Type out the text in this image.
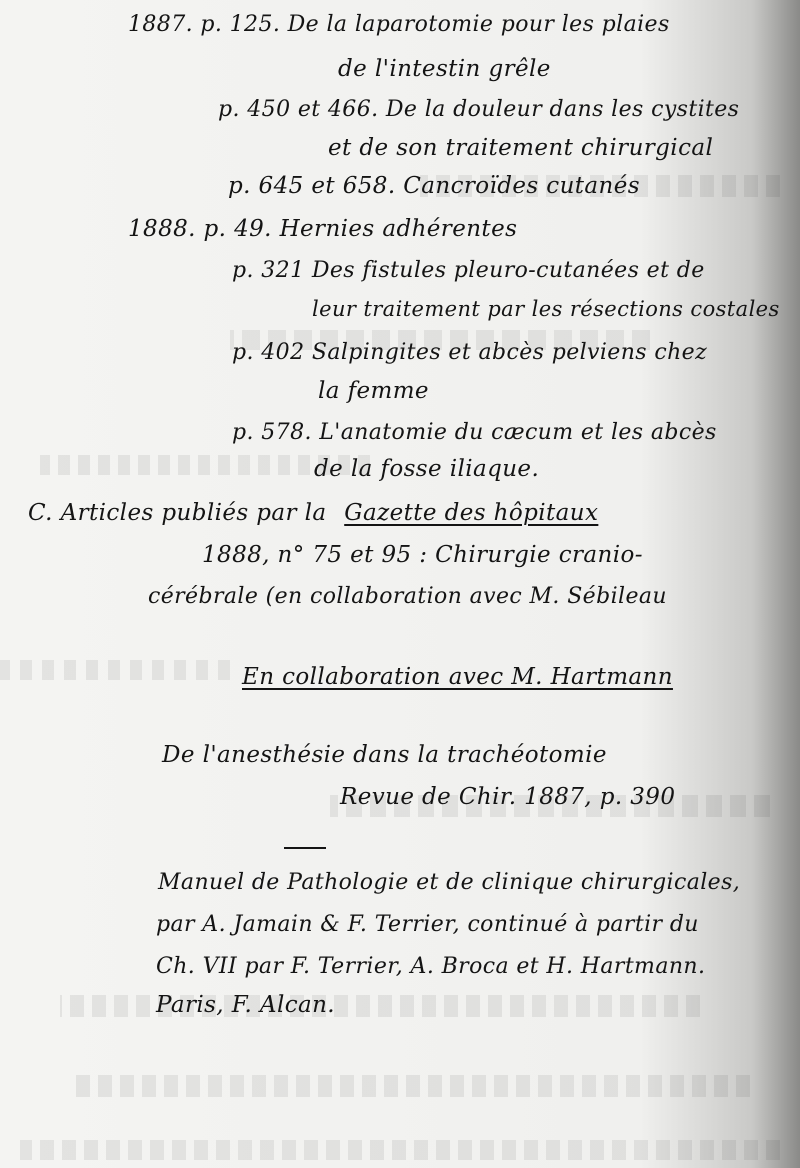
1887. p. 125. De la laparotomie pour les plaies
de l'intestin grêle
p. 450 et 466. De la douleur dans les cystites
et de son traitement chirurgical
p. 645 et 658. Cancroïdes cutanés
1888. p. 49. Hernies adhérentes
p. 321 Des fistules pleuro-cutanées et de
leur traitement par les résections costales
p. 402 Salpingites et abcès pelviens chez
la femme
p. 578. L'anatomie du cæcum et les abcès
de la fosse iliaque.
C. Articles publiés par la Gazette des hôpitaux
1888, n° 75 et 95 : Chirurgie cranio-
cérébrale (en collaboration avec M. Sébileau
En collaboration avec M. Hartmann
De l'anesthésie dans la trachéotomie
Revue de Chir. 1887, p. 390
Manuel de Pathologie et de clinique chirurgicales,
par A. Jamain & F. Terrier, continué à partir du
Ch. VII par F. Terrier, A. Broca et H. Hartmann.
Paris, F. Alcan.
